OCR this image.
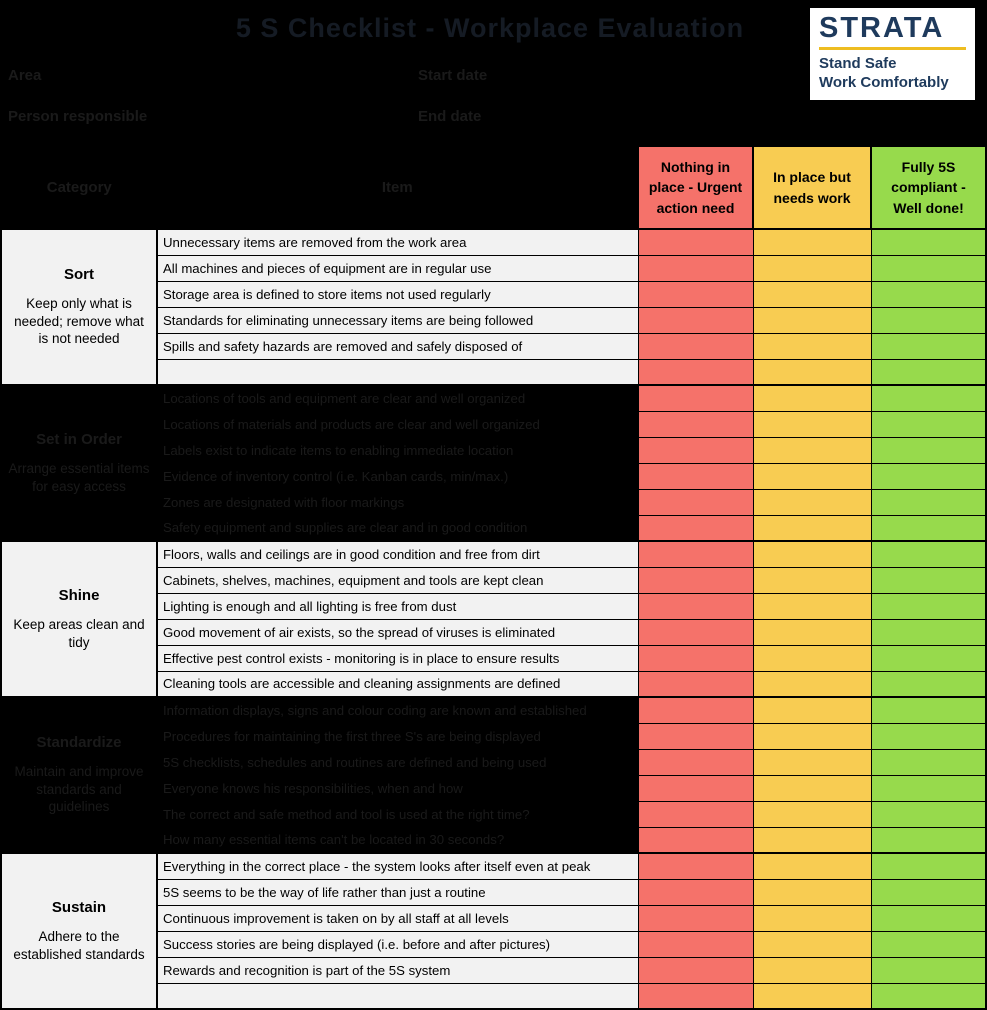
5 S Checklist - Workplace Evaluation
Area	Start date
Person responsible	End date
STRATA
Stand Safe
Work Comfortably
Category	Item	Nothing in place - Urgent action need	In place but needs work	Fully 5S compliant - Well done!

Sort
Keep only what is needed; remove what is not needed	Unnecessary items are removed from the work area			
	All machines and pieces of equipment are in regular use			
	Storage area is defined to store items not used regularly			
	Standards for eliminating unnecessary items are being followed			
	Spills and safety hazards are removed and safely disposed of			

Set in Order
Arrange essential items for easy access	Locations of tools and equipment are clear and well organized			
	Locations of materials and products are clear and well organized			
	Labels exist to indicate items to enabling immediate location			
	Evidence of inventory control (i.e. Kanban cards, min/max.)			
	Zones are designated with floor markings			
	Safety equipment and supplies are clear and in good condition			

Shine
Keep areas clean and tidy	Floors, walls and ceilings are in good condition and free from dirt			
	Cabinets, shelves, machines, equipment and tools are kept clean			
	Lighting is enough and all lighting is free from dust			
	Good movement of air exists, so the spread of viruses is eliminated			
	Effective pest control exists - monitoring is in place to ensure results			
	Cleaning tools are accessible and cleaning assignments are defined			

Standardize
Maintain and improve standards and guidelines	Information displays, signs and colour coding are known and established			
	Procedures for maintaining the first three S's are being displayed			
	5S checklists, schedules and routines are defined and being used			
	Everyone knows his responsibilities, when and how			
	The correct and safe method and tool is used at the right time?			
	How many essential items can't be located in 30 seconds?			

Sustain
Adhere to the established standards	Everything in the correct place - the system looks after itself even at peak			
	5S seems to be the way of life rather than just a routine			
	Continuous improvement is taken on by all staff at all levels			
	Success stories are being displayed (i.e. before and after pictures)			
	Rewards and recognition is part of the 5S system			
